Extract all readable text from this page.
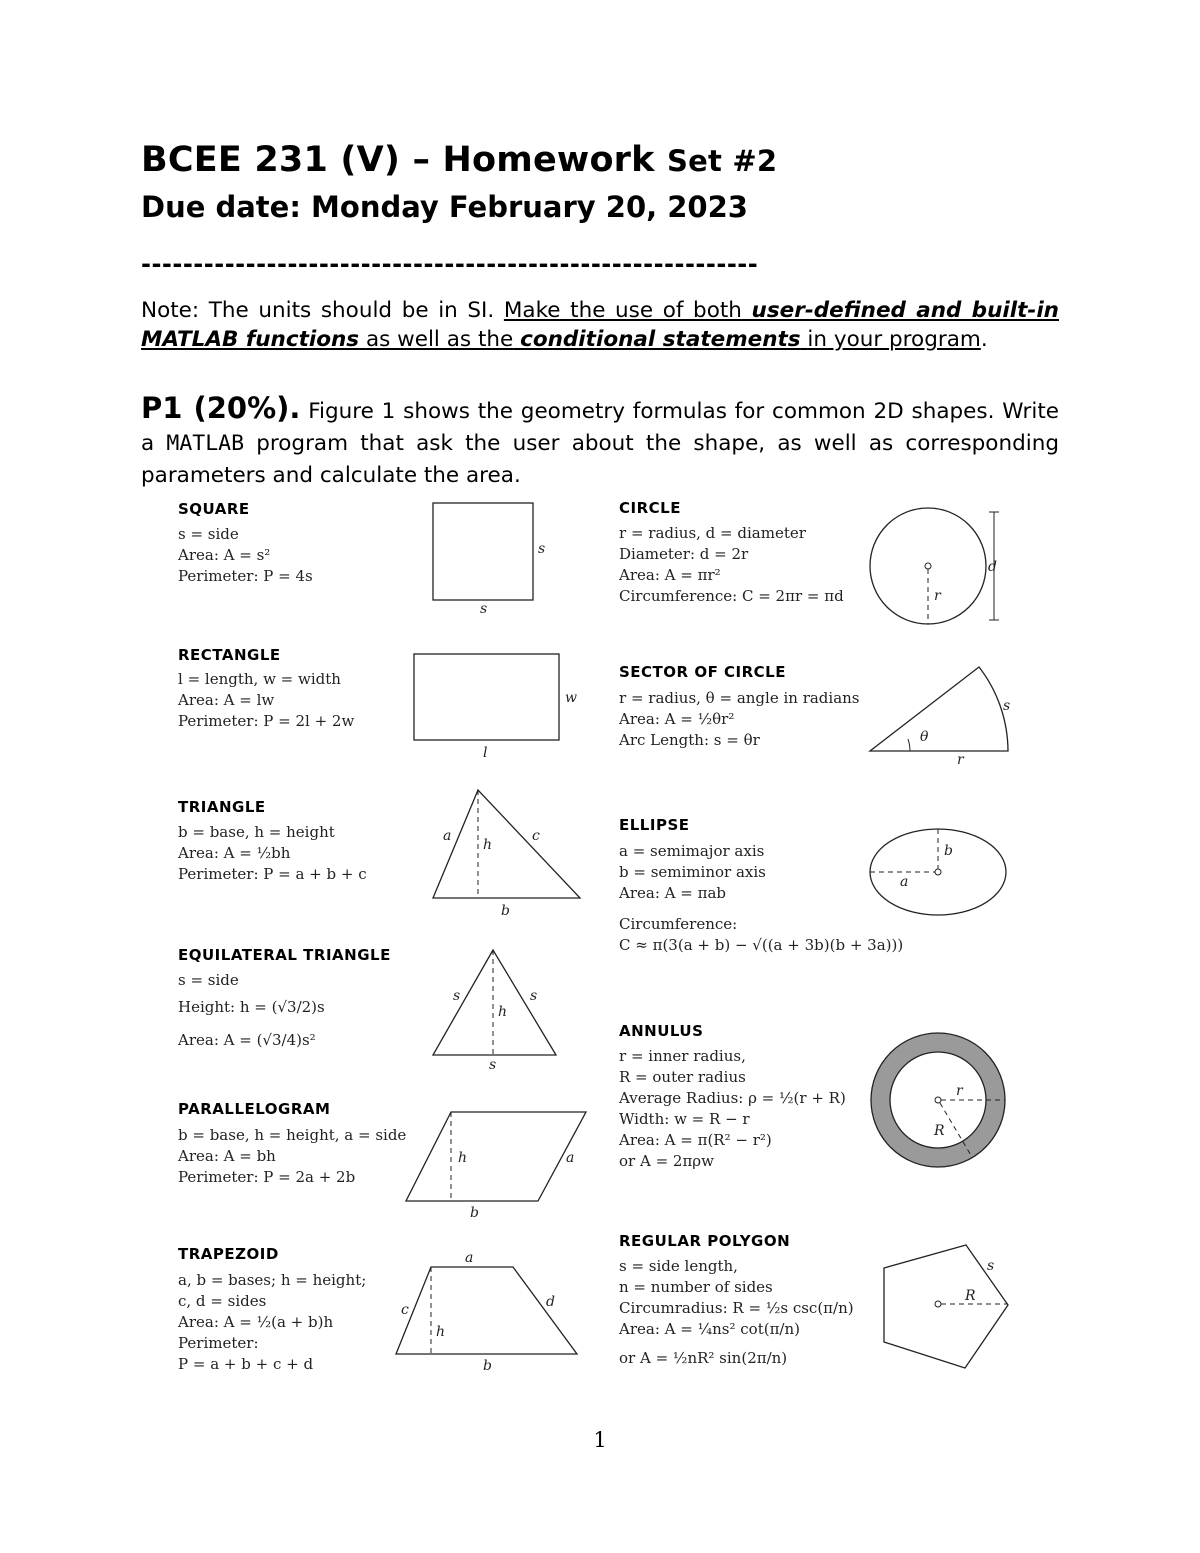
BCEE 231 (V) – Homework Set #2
Due date: Monday February 20, 2023
-----------------------------------------------------------
Note: The units should be in SI. Make the use of both user-defined and built-in MATLAB functions as well as the conditional statements in your program.
P1 (20%). Figure 1 shows the geometry formulas for common 2D shapes. Write a MATLAB program that ask the user about the shape, as well as corresponding parameters and calculate the area.
SQUARE
s = side
Area: A = s²
Perimeter: P = 4s
s
s
RECTANGLE
l = length, w = width
Area: A = lw
Perimeter: P = 2l + 2w
w
l
TRIANGLE
b = base, h = height
Area: A = ½bh
Perimeter: P = a + b + c
a
h
c
b
EQUILATERAL TRIANGLE
s = side
Height: h = (√3/2)s
Area: A = (√3/4)s²
s	s
h
s
PARALLELOGRAM
b = base, h = height, a = side
Area: A = bh
Perimeter: P = 2a + 2b
h	a
b
TRAPEZOID
a, b = bases; h = height;
c, d = sides
Area: A = ½(a + b)h
Perimeter:
P = a + b + c + d
a
c
h
d
b
CIRCLE
r = radius, d = diameter
Diameter: d = 2r
Area: A = πr²
Circumference: C = 2πr = πd	r
d
SECTOR OF CIRCLE
r = radius, θ = angle in radians
Area: A = ½θr²
Arc Length: s = θr	θ
s
r
ELLIPSE
a = semimajor axis
b = semiminor axis
Area: A = πab
Circumference:
C ≈ π(3(a + b) − √((a + 3b)(b + 3a)))
b
a
ANNULUS
r = inner radius,
R = outer radius
Average Radius: ρ = ½(r + R)
Width: w = R − r
Area: A = π(R² − r²)
or A = 2πρw
r
R
REGULAR POLYGON
s = side length,
n = number of sides
Circumradius: R = ½s csc(π/n)
Area: A = ¼ns² cot(π/n)
or A = ½nR² sin(2π/n)
R
s
1
